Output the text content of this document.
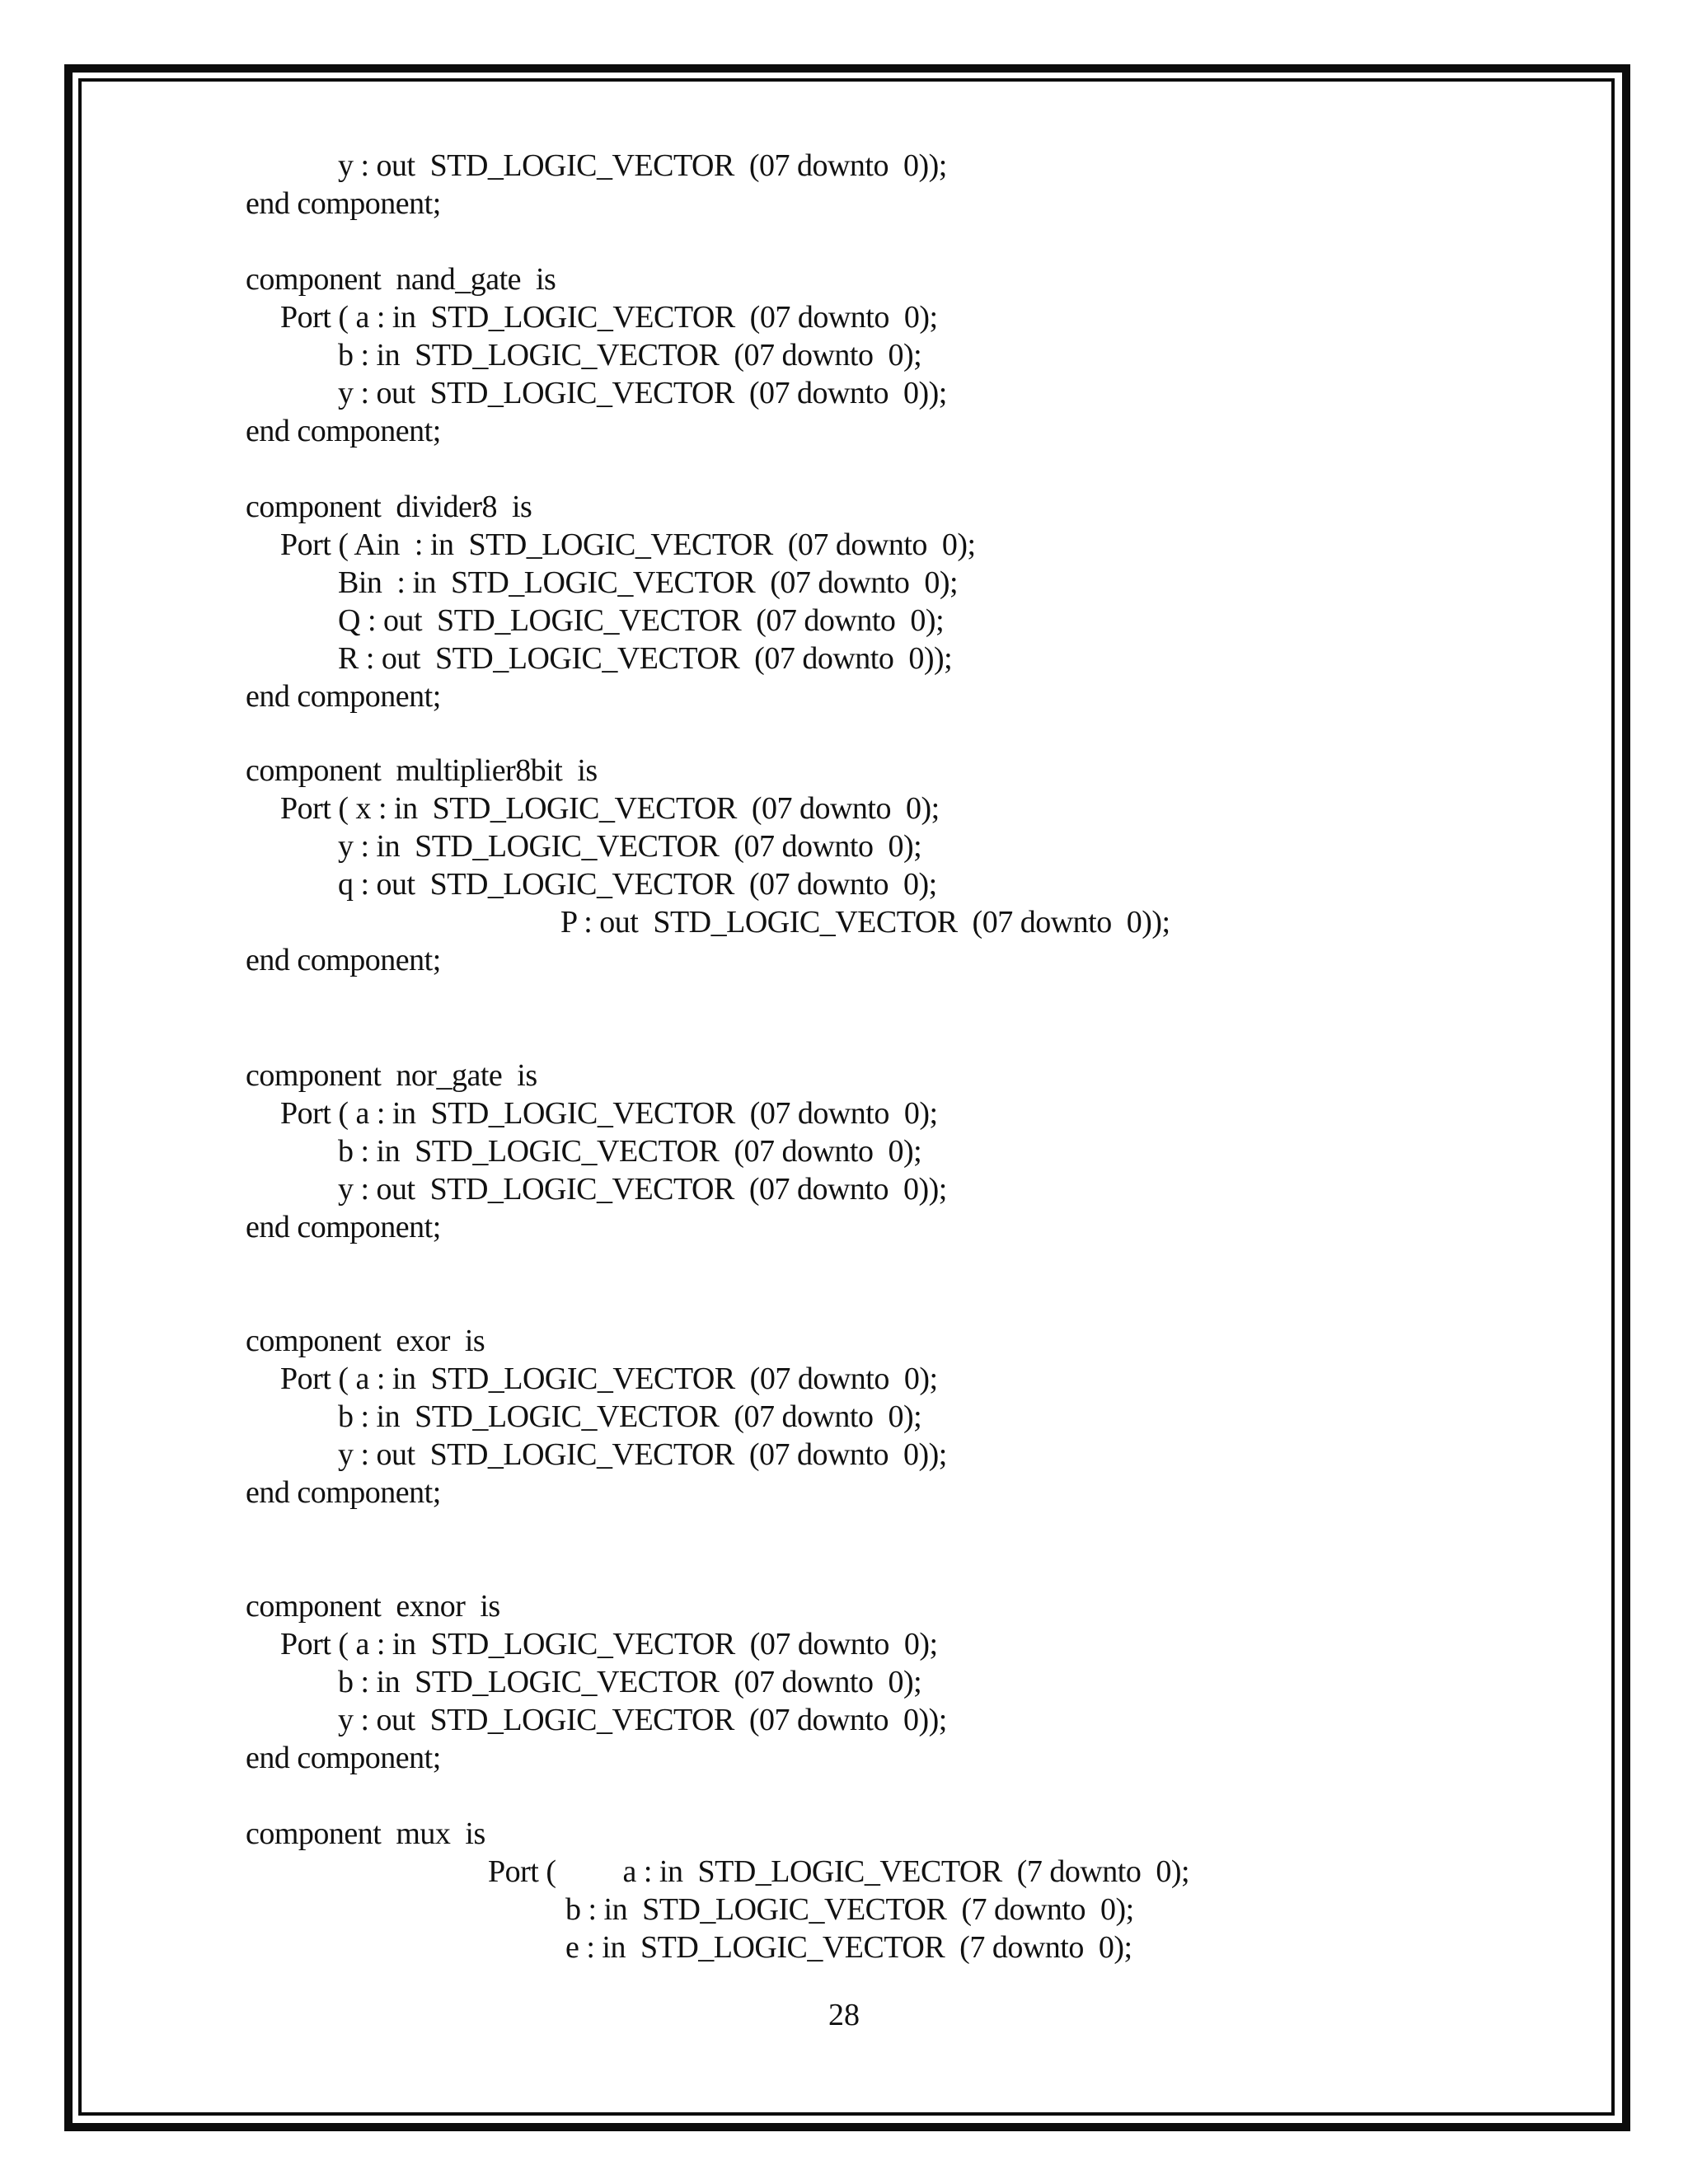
y : out  STD_LOGIC_VECTOR  (07 downto  0));
end component;
component  nand_gate  is
Port ( a : in  STD_LOGIC_VECTOR  (07 downto  0);
b : in  STD_LOGIC_VECTOR  (07 downto  0);
y : out  STD_LOGIC_VECTOR  (07 downto  0));
end component;
component  divider8  is
Port ( Ain  : in  STD_LOGIC_VECTOR  (07 downto  0);
Bin  : in  STD_LOGIC_VECTOR  (07 downto  0);
Q : out  STD_LOGIC_VECTOR  (07 downto  0);
R : out  STD_LOGIC_VECTOR  (07 downto  0));
end component;
component  multiplier8bit  is
Port ( x : in  STD_LOGIC_VECTOR  (07 downto  0);
y : in  STD_LOGIC_VECTOR  (07 downto  0);
q : out  STD_LOGIC_VECTOR  (07 downto  0);
P : out  STD_LOGIC_VECTOR  (07 downto  0));
end component;
component  nor_gate  is
Port ( a : in  STD_LOGIC_VECTOR  (07 downto  0);
b : in  STD_LOGIC_VECTOR  (07 downto  0);
y : out  STD_LOGIC_VECTOR  (07 downto  0));
end component;
component  exor  is
Port ( a : in  STD_LOGIC_VECTOR  (07 downto  0);
b : in  STD_LOGIC_VECTOR  (07 downto  0);
y : out  STD_LOGIC_VECTOR  (07 downto  0));
end component;
component  exnor  is
Port ( a : in  STD_LOGIC_VECTOR  (07 downto  0);
b : in  STD_LOGIC_VECTOR  (07 downto  0);
y : out  STD_LOGIC_VECTOR  (07 downto  0));
end component;
component  mux  is
Port (         a : in  STD_LOGIC_VECTOR  (7 downto  0);
b : in  STD_LOGIC_VECTOR  (7 downto  0);
e : in  STD_LOGIC_VECTOR  (7 downto  0);
28
